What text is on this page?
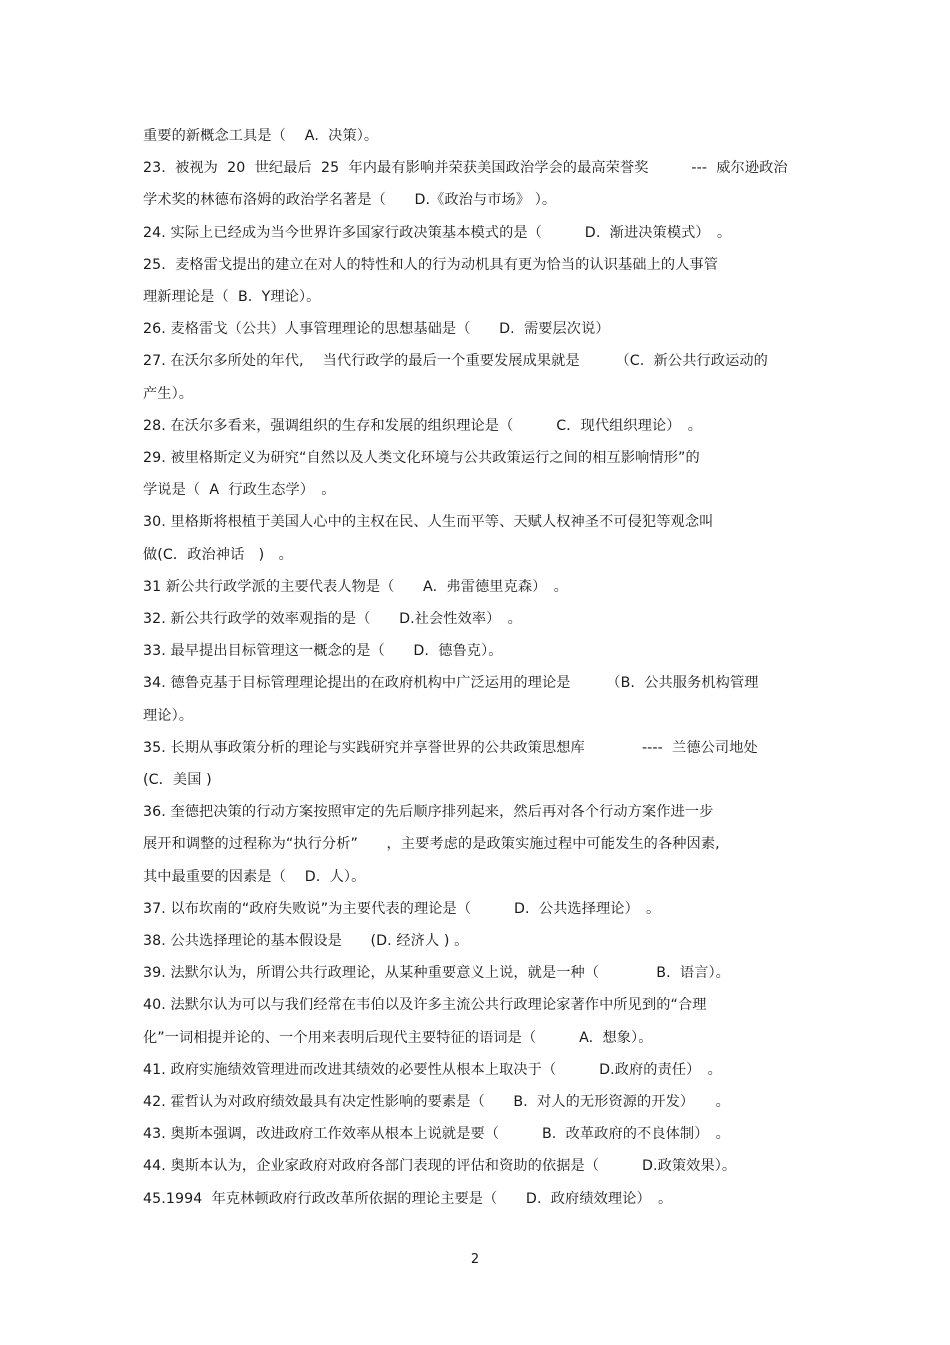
重要的新概念工具是（　 A.  决策）。
23.  被视为  20  世纪最后  25  年内最有影响并荣获美国政治学会的最高荣誉奖　　　---  威尔逊政治
学术奖的林德布洛姆的政治学名著是（　　D.《政治与市场》 ）。
24. 实际上已经成为当今世界许多国家行政决策基本模式的是（　　　D.  渐进决策模式）　。
25.  麦格雷戈提出的建立在对人的特性和人的行为动机具有更为恰当的认识基础上的人事管
理新理论是（  B.  Y理论）。
26. 麦格雷戈（公共）人事管理理论的思想基础是（　　D.  需要层次说）
27. 在沃尔多所处的年代,　 当代行政学的最后一个重要发展成果就是　　　（C.  新公共行政运动的
产生）。
28. 在沃尔多看来，强调组织的生存和发展的组织理论是（　　　C．现代组织理论）　。
29. 被里格斯定义为研究“自然以及人类文化环境与公共政策运行之间的相互影响情形”的
学说是（  A  行政生态学）　。
30. 里格斯将根植于美国人心中的主权在民、人生而平等、天赋人权神圣不可侵犯等观念叫
做(C．政治神话　)　。
31 新公共行政学派的主要代表人物是（　　A.  弗雷德里克森）　。
32. 新公共行政学的效率观指的是（　　D.社会性效率）　。
33. 最早提出目标管理这一概念的是（　　D.  德鲁克）。
34. 德鲁克基于目标管理理论提出的在政府机构中广泛运用的理论是　　　（B.  公共服务机构管理
理论）。
35. 长期从事政策分析的理论与实践研究并享誉世界的公共政策思想库　　　　----  兰德公司地处
(C．美国 )
36. 奎德把决策的行动方案按照审定的先后顺序排列起来，然后再对各个行动方案作进一步
展开和调整的过程称为“执行分析”　　，主要考虑的是政策实施过程中可能发生的各种因素,
其中最重要的因素是（　 D.  人）。
37. 以布坎南的“政府失败说”为主要代表的理论是（　　　D.  公共选择理论）　。
38. 公共选择理论的基本假设是　　(D. 经济人 ) 。
39. 法默尔认为，所谓公共行政理论，从某种重要意义上说，就是一种（　　　　B.  语言）。
40. 法默尔认为可以与我们经常在韦伯以及许多主流公共行政理论家著作中所见到的“合理
化”一词相提并论的、一个用来表明后现代主要特征的语词是（　　　A.  想象）。
41. 政府实施绩效管理进而改进其绩效的必要性从根本上取决于（　　　D.政府的责任）　。
42. 霍哲认为对政府绩效最具有决定性影响的要素是（　　B.  对人的无形资源的开发）　　。
43. 奥斯本强调，改进政府工作效率从根本上说就是要（　　　B.  改革政府的不良体制）　。
44. 奥斯本认为，企业家政府对政府各部门表现的评估和资助的依据是（　　　D.政策效果）。
45.1994  年克林顿政府行政改革所依据的理论主要是（　　D.  政府绩效理论）　。
2
